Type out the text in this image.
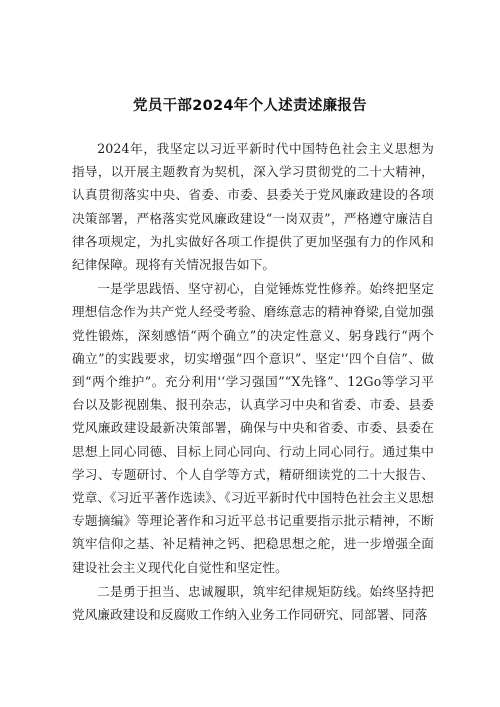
党员干部2024年个人述责述廉报告

2024年，我坚定以习近平新时代中国特色社会主义思想为指导，以开展主题教育为契机，深入学习贯彻党的二十大精神，认真贯彻落实中央、省委、市委、县委关于党风廉政建设的各项决策部署，严格落实党风廉政建设“一岗双责”，严格遵守廉洁自律各项规定，为扎实做好各项工作提供了更加坚强有力的作风和纪律保障。现将有关情况报告如下。

一是学思践悟、坚守初心，自觉锤炼党性修养。始终把坚定理想信念作为共产党人经受考验、磨练意志的精神脊梁,自觉加强党性锻炼，深刻感悟“两个确立”的决定性意义、躬身践行“两个确立”的实践要求，切实增强“四个意识”、坚定'‘四个自信”、做到“两个维护”。充分利用'‘学习强国”“X先锋”、12Go等学习平台以及影视剧集、报刊杂志，认真学习中央和省委、市委、县委党风廉政建设最新决策部署，确保与中央和省委、市委、县委在思想上同心同德、目标上同心同向、行动上同心同行。通过集中学习、专题研讨、个人自学等方式，精研细读党的二十大报告、党章、《习近平著作选读》、《习近平新时代中国特色社会主义思想专题摘编》等理论著作和习近平总书记重要指示批示精神，不断筑牢信仰之基、补足精神之钙、把稳思想之舵，进一步增强全面建设社会主义现代化自觉性和坚定性。

二是勇于担当、忠诚履职，筑牢纪律规矩防线。始终坚持把党风廉政建设和反腐败工作纳入业务工作同研究、同部署、同落
